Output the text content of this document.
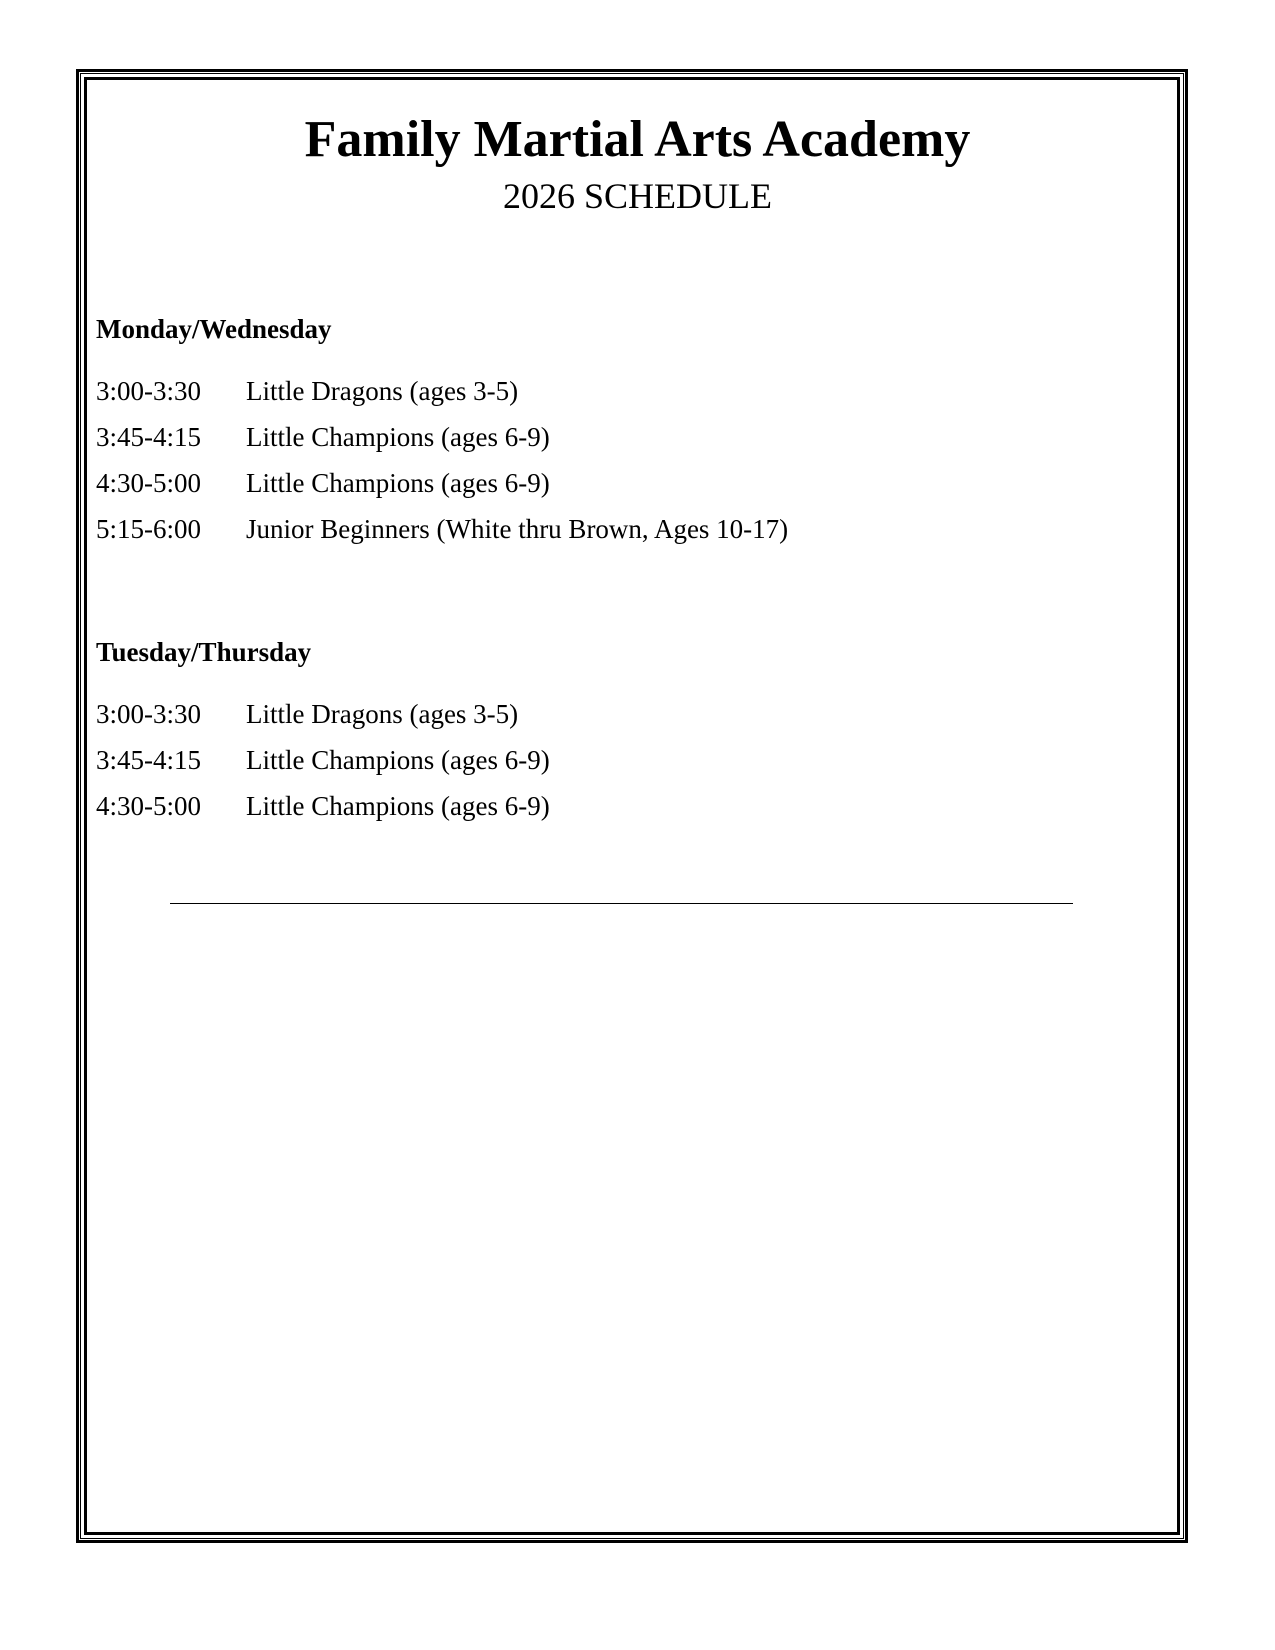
Family Martial Arts Academy
2026 SCHEDULE
Monday/Wednesday
3:00-3:30	Little Dragons (ages 3-5)
3:45-4:15	Little Champions (ages 6-9)
4:30-5:00	Little Champions (ages 6-9)
5:15-6:00	Junior Beginners (White thru Brown, Ages 10-17)
Tuesday/Thursday
3:00-3:30	Little Dragons (ages 3-5)
3:45-4:15	Little Champions (ages 6-9)
4:30-5:00	Little Champions (ages 6-9)
